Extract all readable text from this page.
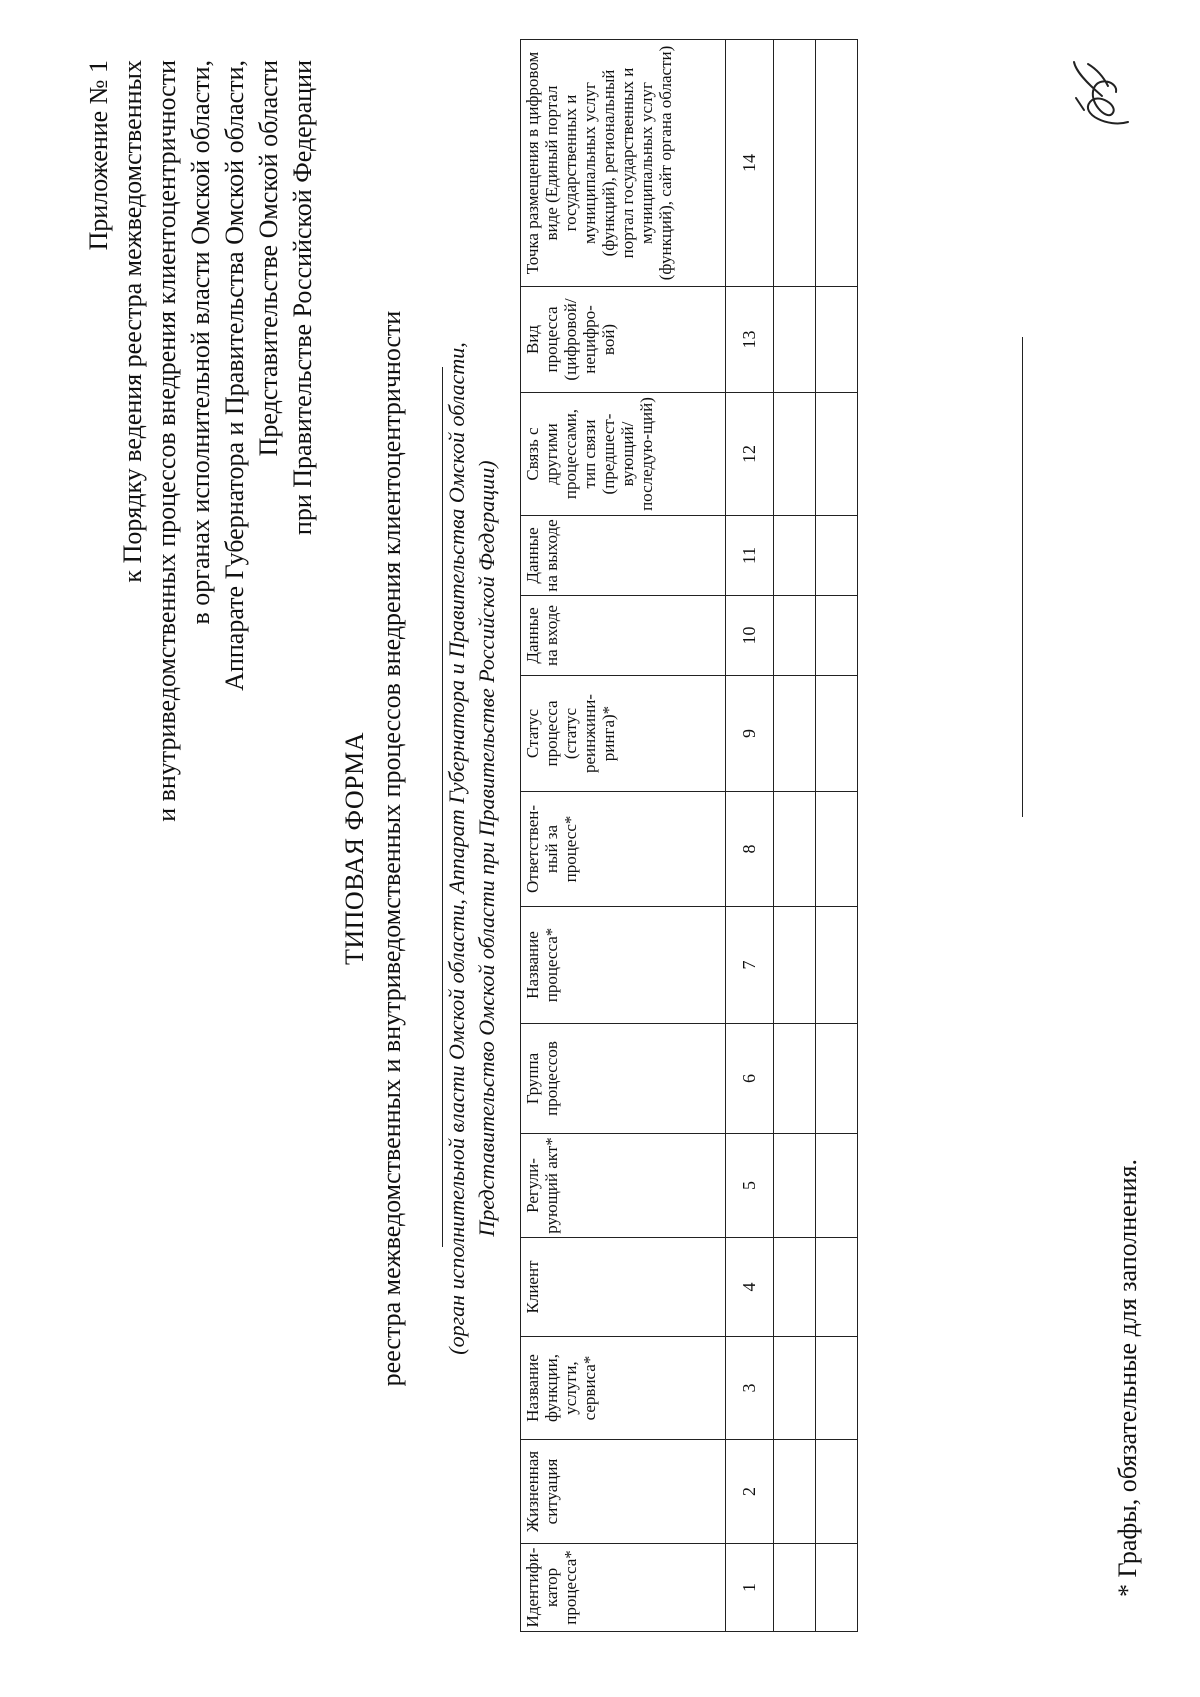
Приложение № 1 к Порядку ведения реестра межведомственных и внутриведомственных процессов внедрения клиентоцентричности в органах исполнительной власти Омской области, Аппарате Губернатора и Правительства Омской области, Представительстве Омской области при Правительстве Российской Федерации
ТИПОВАЯ ФОРМА реестра межведомственных и внутриведомственных процессов внедрения клиентоцентричности (орган исполнительной власти Омской области, Аппарат Губернатора и Правительства Омской области, Представительство Омской области при Правительстве Российской Федерации)
Идентифи-катор процесса*	Жизненная ситуация	Название функции, услуги, сервиса*	Клиент	Регули-рующий акт*	Группа процессов	Название процесса*	Ответствен-ный за процесс*	Статус процесса (статус реинжини-ринга)*	Данные на входе	Данные на выходе	Связь с другими процессами, тип связи (предшест-вующий/ последую-щий)	Вид процесса (цифровой/ нецифро-вой)	Точка размещения в цифровом виде (Единый портал государственных и муниципальных услуг (функций), региональный портал государственных и муниципальных услуг (функций), сайт органа области)
1	2	3	4	5	6	7	8	9	10	11	12	13	14

* Графы, обязательные для заполнения.
